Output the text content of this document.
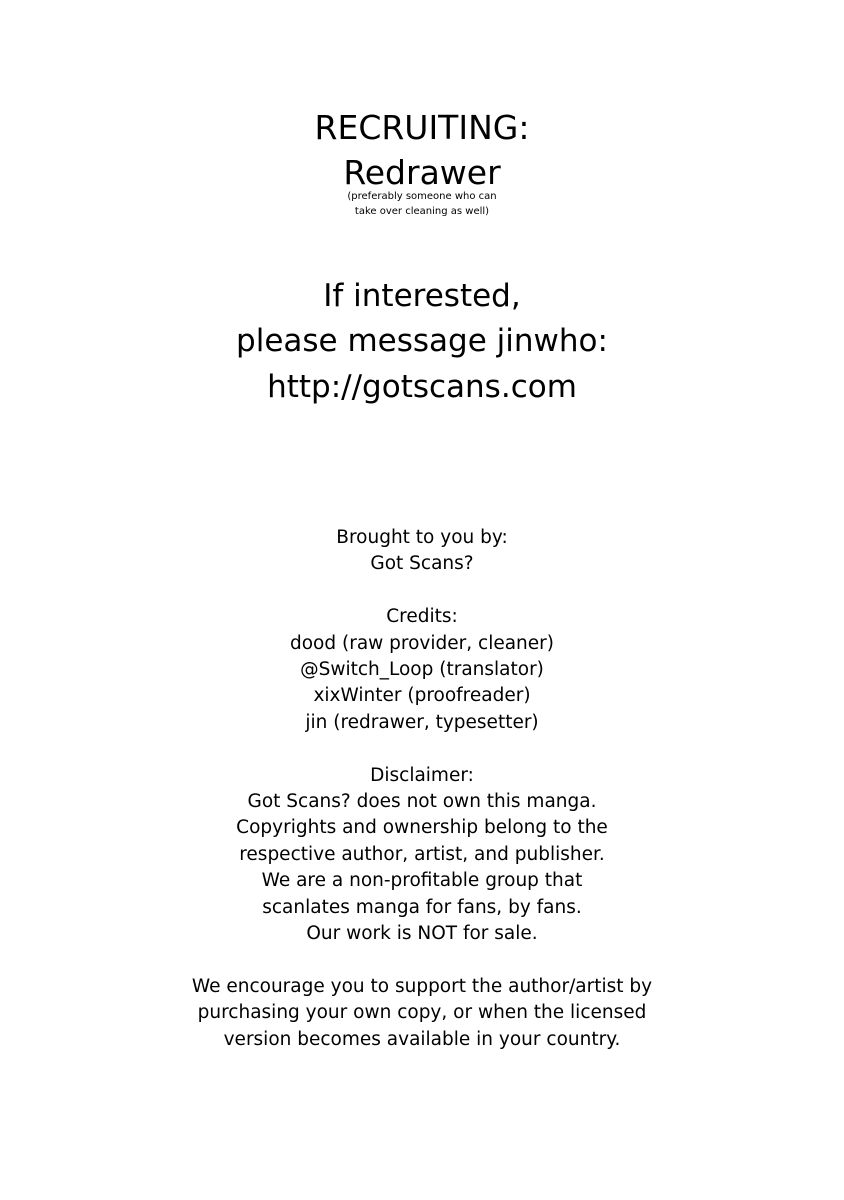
RECRUITING:
Redrawer
(preferably someone who can
take over cleaning as well)
If interested,
please message jinwho:
http://gotscans.com
Brought to you by:
Got Scans?
Credits:
dood (raw provider, cleaner)
@Switch_Loop (translator)
xixWinter (proofreader)
jin (redrawer, typesetter)
Disclaimer:
Got Scans? does not own this manga.
Copyrights and ownership belong to the
respective author, artist, and publisher.
We are a non-profitable group that
scanlates manga for fans, by fans.
Our work is NOT for sale.
We encourage you to support the author/artist by
purchasing your own copy, or when the licensed
version becomes available in your country.
